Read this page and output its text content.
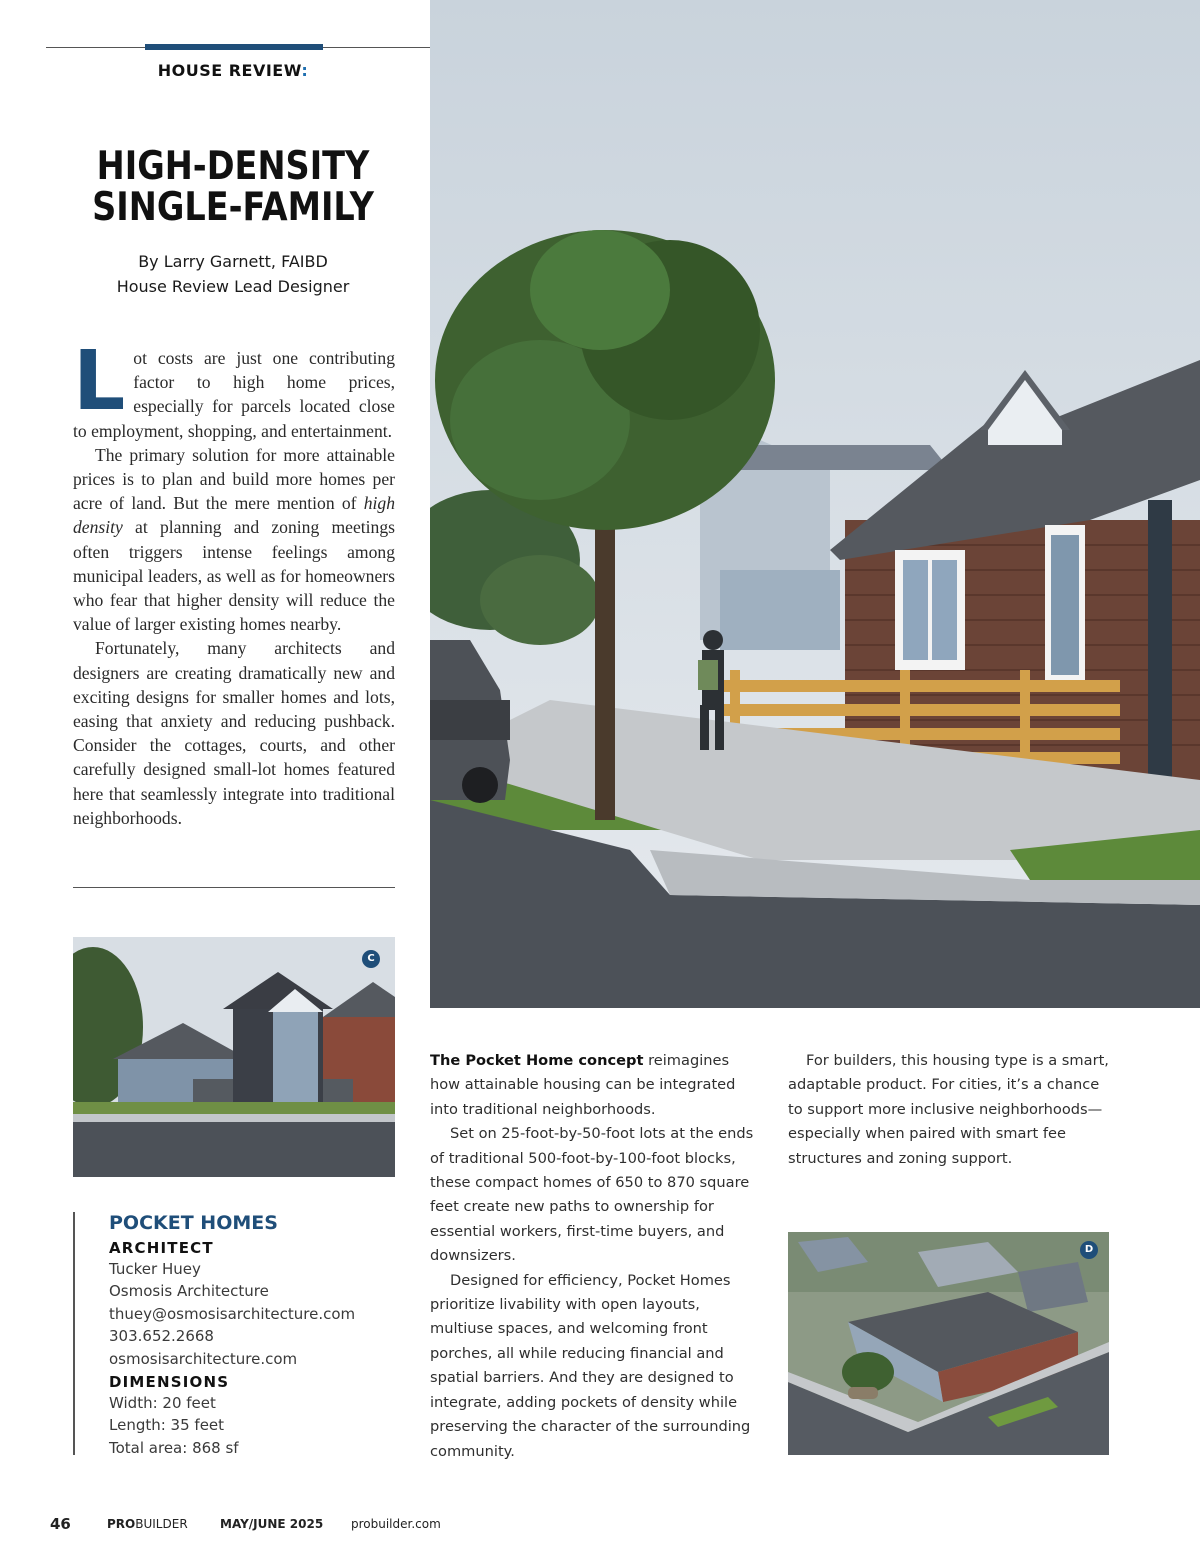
HOUSE REVIEW:
HIGH-DENSITY
SINGLE-FAMILY
By Larry Garnett, FAIBD
House Review Lead Designer

Lot costs are just one contributing factor to high home prices, especially for parcels located close to employment, shopping, and entertainment.

The primary solution for more attainable prices is to plan and build more homes per acre of land. But the mere mention of high density at planning and zoning meetings often triggers intense feelings among municipal leaders, as well as for homeowners who fear that higher density will reduce the value of larger existing homes nearby.

Fortunately, many architects and designers are creating dramatically new and exciting designs for smaller homes and lots, easing that anxiety and reducing pushback. Consider the cottages, courts, and other carefully designed small-lot homes featured here that seamlessly integrate into traditional neighborhoods.

C
POCKET HOMES
ARCHITECT
Tucker Huey
Osmosis Architecture
thuey@osmosisarchitecture.com
303.652.2668
osmosisarchitecture.com
DIMENSIONS
Width: 20 feet
Length: 35 feet
Total area: 868 sf

The Pocket Home concept reimagines how attainable housing can be integrated into traditional neighborhoods.

Set on 25-foot-by-50-foot lots at the ends of traditional 500-foot-by-100-foot blocks, these compact homes of 650 to 870 square feet create new paths to ownership for essential workers, first-time buyers, and downsizers.

Designed for efficiency, Pocket Homes prioritize livability with open layouts, multiuse spaces, and welcoming front porches, all while reducing financial and spatial barriers. And they are designed to integrate, adding pockets of density while preserving the character of the surrounding community.

For builders, this housing type is a smart, adaptable product. For cities, it’s a chance to support more inclusive neighborhoods—especially when paired with smart fee structures and zoning support.

D
46	PRO BUILDER	MAY/JUNE 2025 probuilder.com
